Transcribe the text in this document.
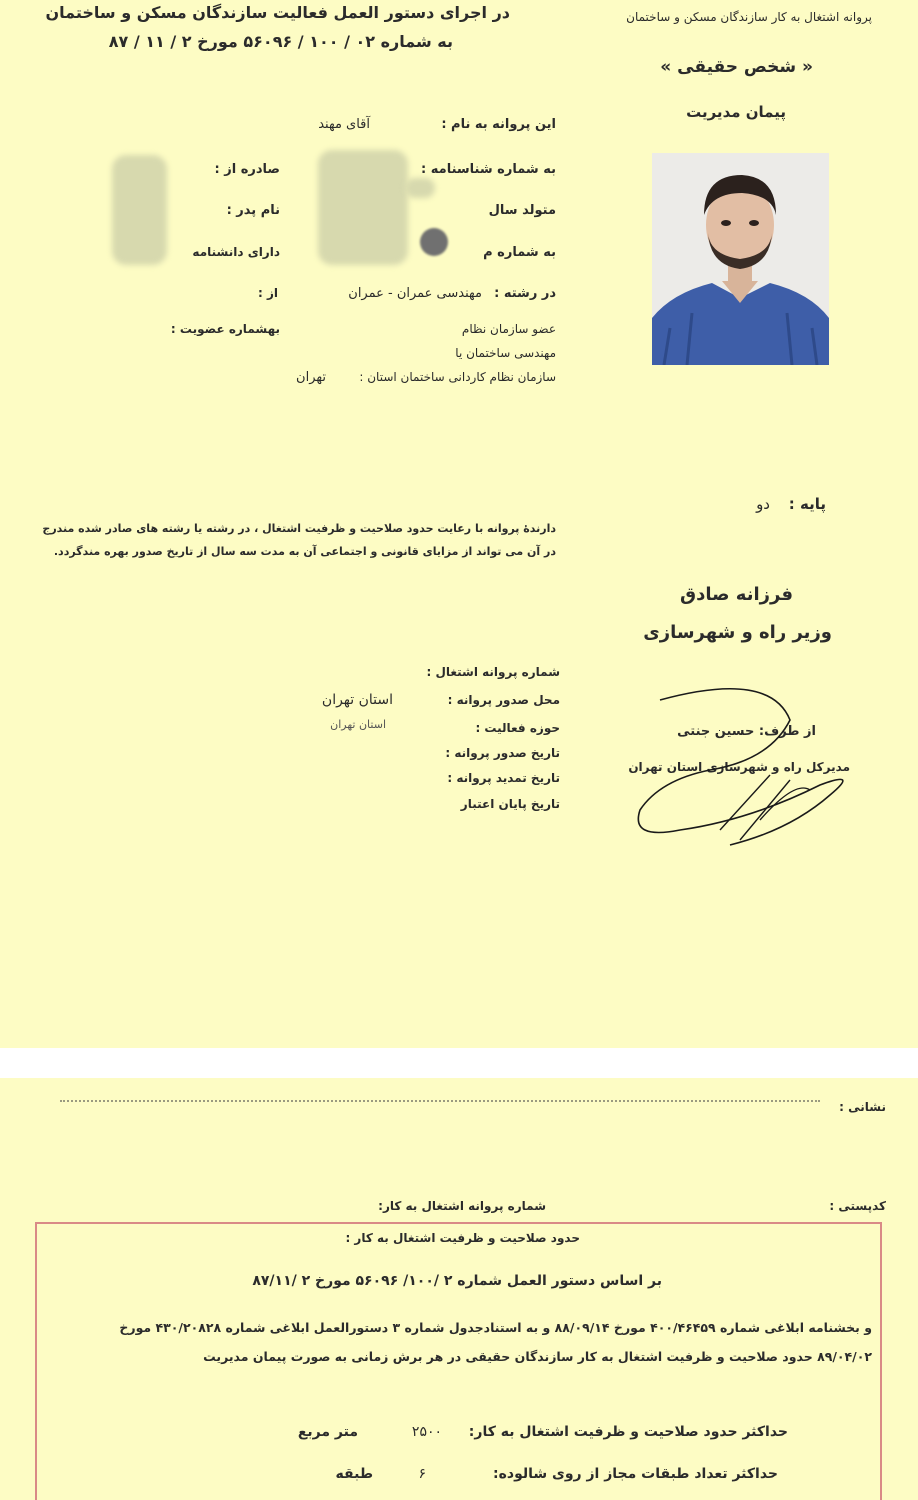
در اجرای دستور العمل فعالیت سازندگان مسکن و ساختمان
به شماره ۰۲ / ۱۰۰ / ۵۶۰۹۶ مورخ ۲ / ۱۱ / ۸۷
پروانه اشتغال به کار سازندگان مسکن و ساختمان
« شخص حقیقی »
پیمان مدیریت
این پروانه به نام :
آقای مهند
به شماره شناسنامه :
صادره از :
متولد سال
نام پدر :
به شماره م
دارای دانشنامه
در رشته :
مهندسی عمران - عمران
از :
عضو سازمان نظام
بهشماره عضویت :
مهندسی ساختمان یا
سازمان نظام کاردانی ساختمان استان :
تهران
پایه :
دو
دارندهٔ پروانه با رعایت حدود صلاحیت و ظرفیت اشتغال ، در رشته یا رشته های صادر شده مندرج
در آن می تواند از مزایای قانونی و اجتماعی آن به مدت سه سال از تاریخ صدور بهره مندگردد.
فرزانه صادق
وزیر راه و شهرسازی
شماره پروانه اشتغال :
محل صدور پروانه :
استان تهران
حوزه فعالیت :
استان تهران
تاریخ صدور پروانه :
تاریخ تمدید پروانه :
تاریخ پایان اعتبار
از طرف: حسین جنتی
مدیرکل راه و شهرسازی استان تهران
نشانی :
کدپستی :
شماره پروانه اشتغال به کار:
حدود صلاحیت و ظرفیت اشتغال به کار :
بر اساس دستور العمل شماره ۲ /۱۰۰/ ۵۶۰۹۶ مورخ ۲ /۸۷/۱۱
و بخشنامه ابلاغی شماره ۴۰۰/۴۶۴۵۹ مورخ ۸۸/۰۹/۱۴ و به استنادجدول شماره ۳ دستورالعمل ابلاغی شماره ۴۳۰/۲۰۸۲۸ مورخ
۸۹/۰۴/۰۲ حدود صلاحیت و ظرفیت اشتغال به کار سازندگان حقیقی در هر برش زمانی به صورت پیمان مدیریت
حداکثر حدود صلاحیت و ظرفیت اشتغال به کار:
۲۵۰۰
متر مربع
حداکثر تعداد طبقات مجاز از روی شالوده:
۶
طبقه
